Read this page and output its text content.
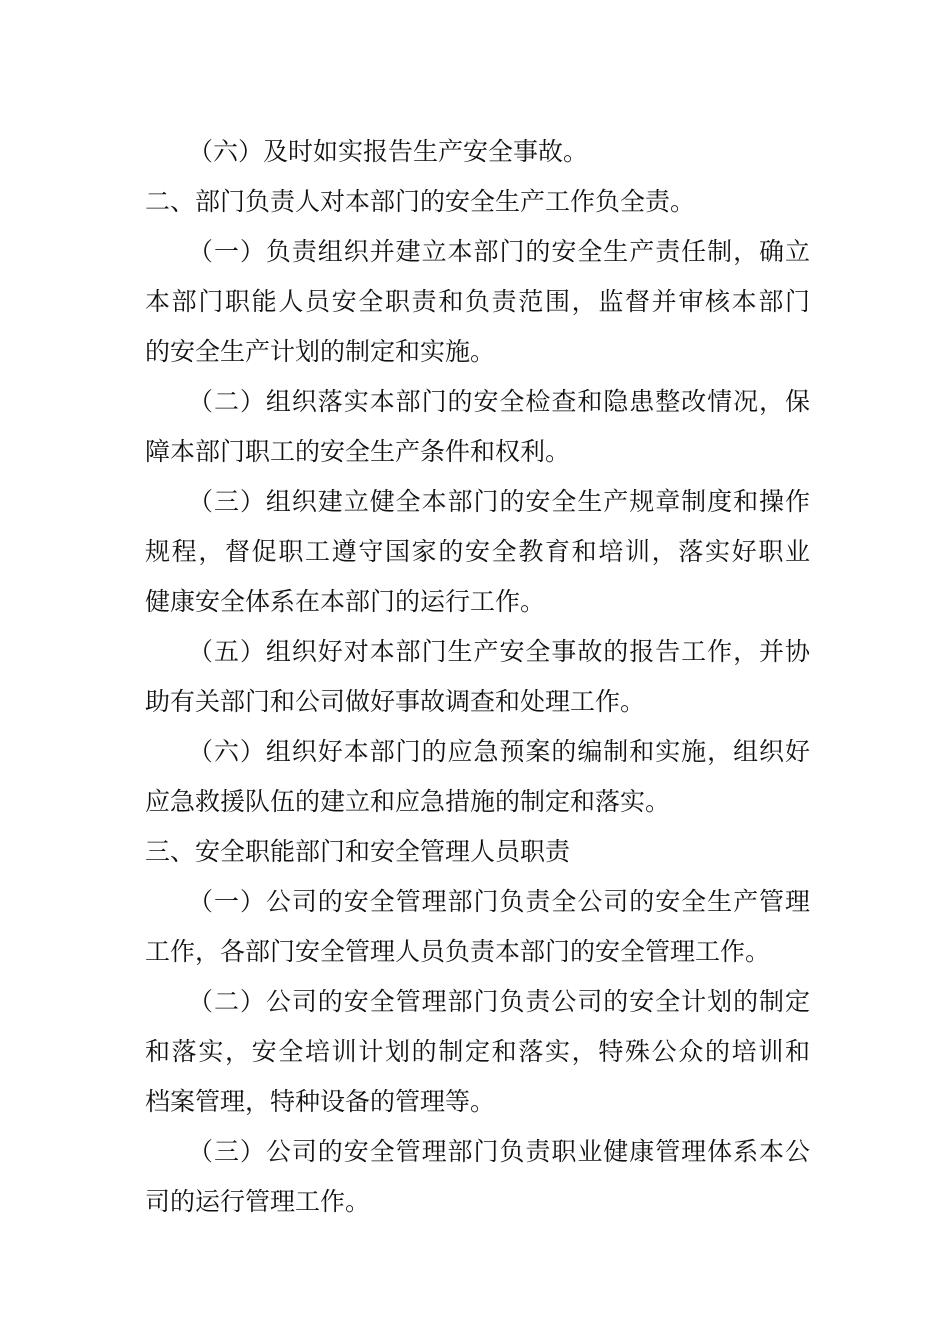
（六）及时如实报告生产安全事故。
二、部门负责人对本部门的安全生产工作负全责。
（一）负责组织并建立本部门的安全生产责任制，确立
本部门职能人员安全职责和负责范围，监督并审核本部门
的安全生产计划的制定和实施。
（二）组织落实本部门的安全检查和隐患整改情况，保
障本部门职工的安全生产条件和权利。
（三）组织建立健全本部门的安全生产规章制度和操作
规程，督促职工遵守国家的安全教育和培训，落实好职业
健康安全体系在本部门的运行工作。
（五）组织好对本部门生产安全事故的报告工作，并协
助有关部门和公司做好事故调查和处理工作。
（六）组织好本部门的应急预案的编制和实施，组织好
应急救援队伍的建立和应急措施的制定和落实。
三、安全职能部门和安全管理人员职责
（一）公司的安全管理部门负责全公司的安全生产管理
工作，各部门安全管理人员负责本部门的安全管理工作。
（二）公司的安全管理部门负责公司的安全计划的制定
和落实，安全培训计划的制定和落实，特殊公众的培训和
档案管理，特种设备的管理等。
（三）公司的安全管理部门负责职业健康管理体系本公
司的运行管理工作。
